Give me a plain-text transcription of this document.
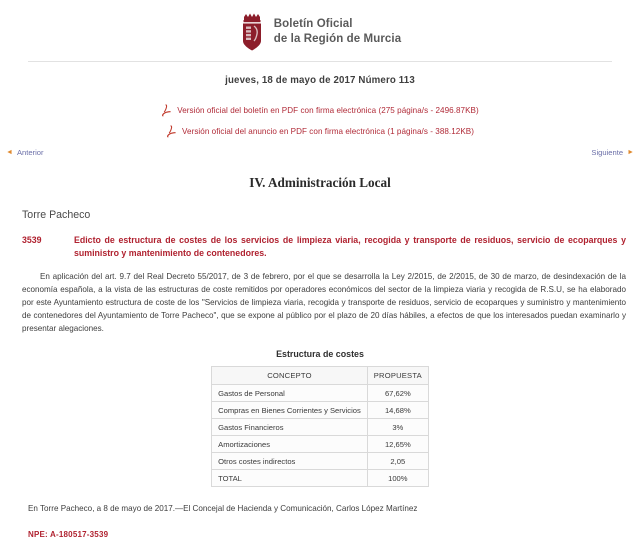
Boletín Oficial
de la Región de Murcia
jueves, 18 de mayo de 2017 Número 113
Versión oficial del boletín en PDF con firma electrónica (275 página/s - 2496.87KB)
Versión oficial del anuncio en PDF con firma electrónica (1 página/s - 388.12KB)
◄ Anterior	Siguiente ►
IV. Administración Local
Torre Pacheco
3539	Edicto de estructura de costes de los servicios de limpieza viaria, recogida y transporte de residuos, servicio de ecoparques y suministro y mantenimiento de contenedores.

En aplicación del art. 9.7 del Real Decreto 55/2017, de 3 de febrero, por el que se desarrolla la Ley 2/2015, de 2/2015, de 30 de marzo, de desindexación de la economía española, a la vista de las estructuras de coste remitidos por operadores económicos del sector de la limpieza viaria y recogida de R.S.U, se ha elaborado por este Ayuntamiento estructura de coste de los "Servicios de limpieza viaria, recogida y transporte de residuos, servicio de ecoparques y suministro y mantenimiento de contenedores del Ayuntamiento de Torre Pacheco", que se expone al público por el plazo de 20 días hábiles, a efectos de que los interesados puedan examinarlo y presentar alegaciones.

Estructura de costes
CONCEPTO	PROPUESTA
Gastos de Personal	67,62%
Compras en Bienes Corrientes y Servicios	14,68%
Gastos Financieros	3%
Amortizaciones	12,65%
Otros costes indirectos	2,05
TOTAL	100%
En Torre Pacheco, a 8 de mayo de 2017.—El Concejal de Hacienda y Comunicación, Carlos López Martínez
NPE: A-180517-3539
